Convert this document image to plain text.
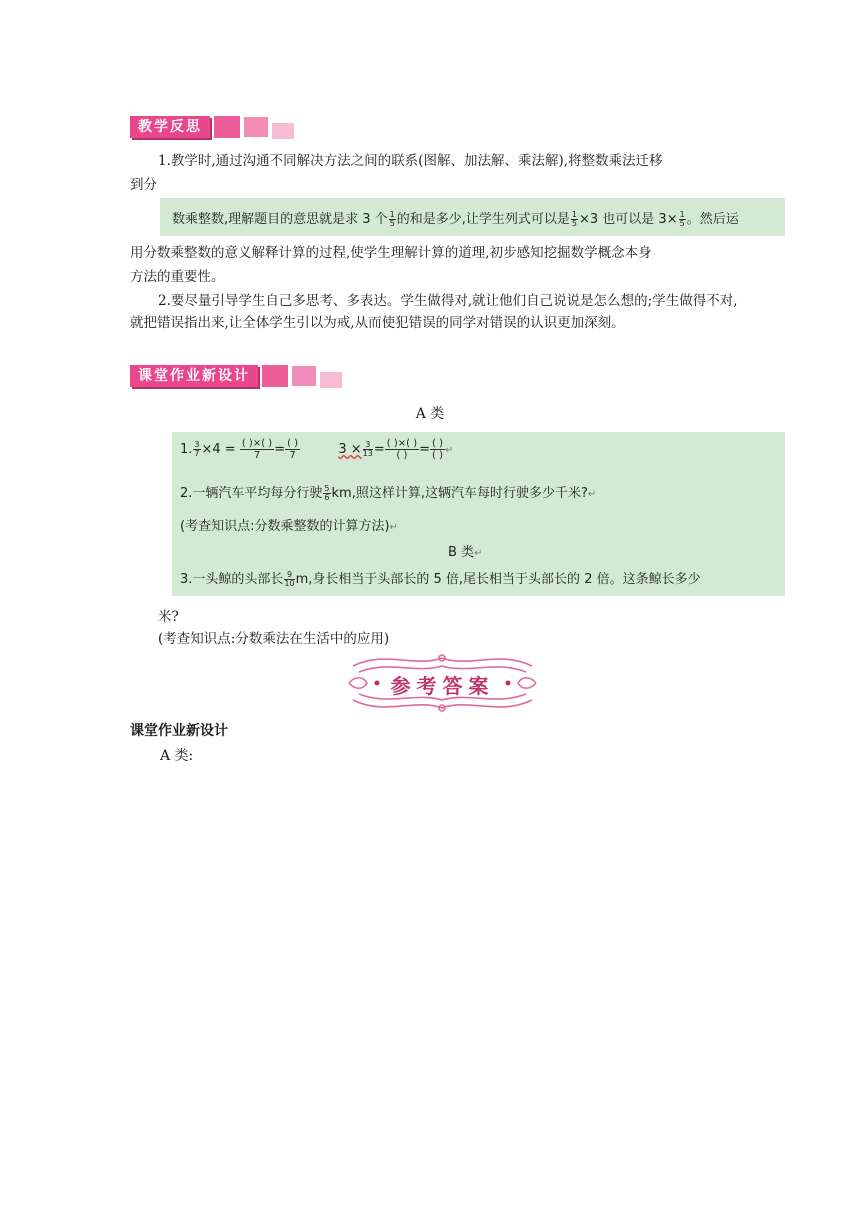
教学反思
1.教学时,通过沟通不同解决方法之间的联系(图解、加法解、乘法解),将整数乘法迁移
到分
数乘整数,理解题目的意思就是求 3 个 $\frac{1}{5}$ 的和是多少,让学生列式可以是 $\frac{1}{5} \times 3$ 也可以是 $3\times \frac{1}{5}$ 。然后运
用分数乘整数的意义解释计算的过程,使学生理解计算的道理,初步感知挖掘数学概念本身
方法的重要性。
2.要尽量引导学生自己多思考、多表达。学生做得对,就让他们自己说说是怎么想的;学生做得不对,就把错误指出来,让全体学生引以为戒,从而使犯错误的同学对错误的认识更加深刻。
课堂作业新设计
A 类
1. $\frac{3}{7} \times 4$ = ( )×( )
7	= ( )
7	$3 \times \frac{3}{13}$ = ( )×( )
( ) = ( )
( ) ↵
2.一辆汽车平均每分行驶 $\frac{5}{6}$ km,照这样计算,这辆汽车每时行驶多少千米?↵
(考查知识点:分数乘整数的计算方法)↵
B 类↵
3.一头鲸的头部长 $\frac{9}{10} m$,身长相当于头部长的 5 倍,尾长相当于头部长的 2 倍。这条鲸长多少
米?
(考查知识点:分数乘法在生活中的应用)
参考答案
课堂作业新设计
A 类:
